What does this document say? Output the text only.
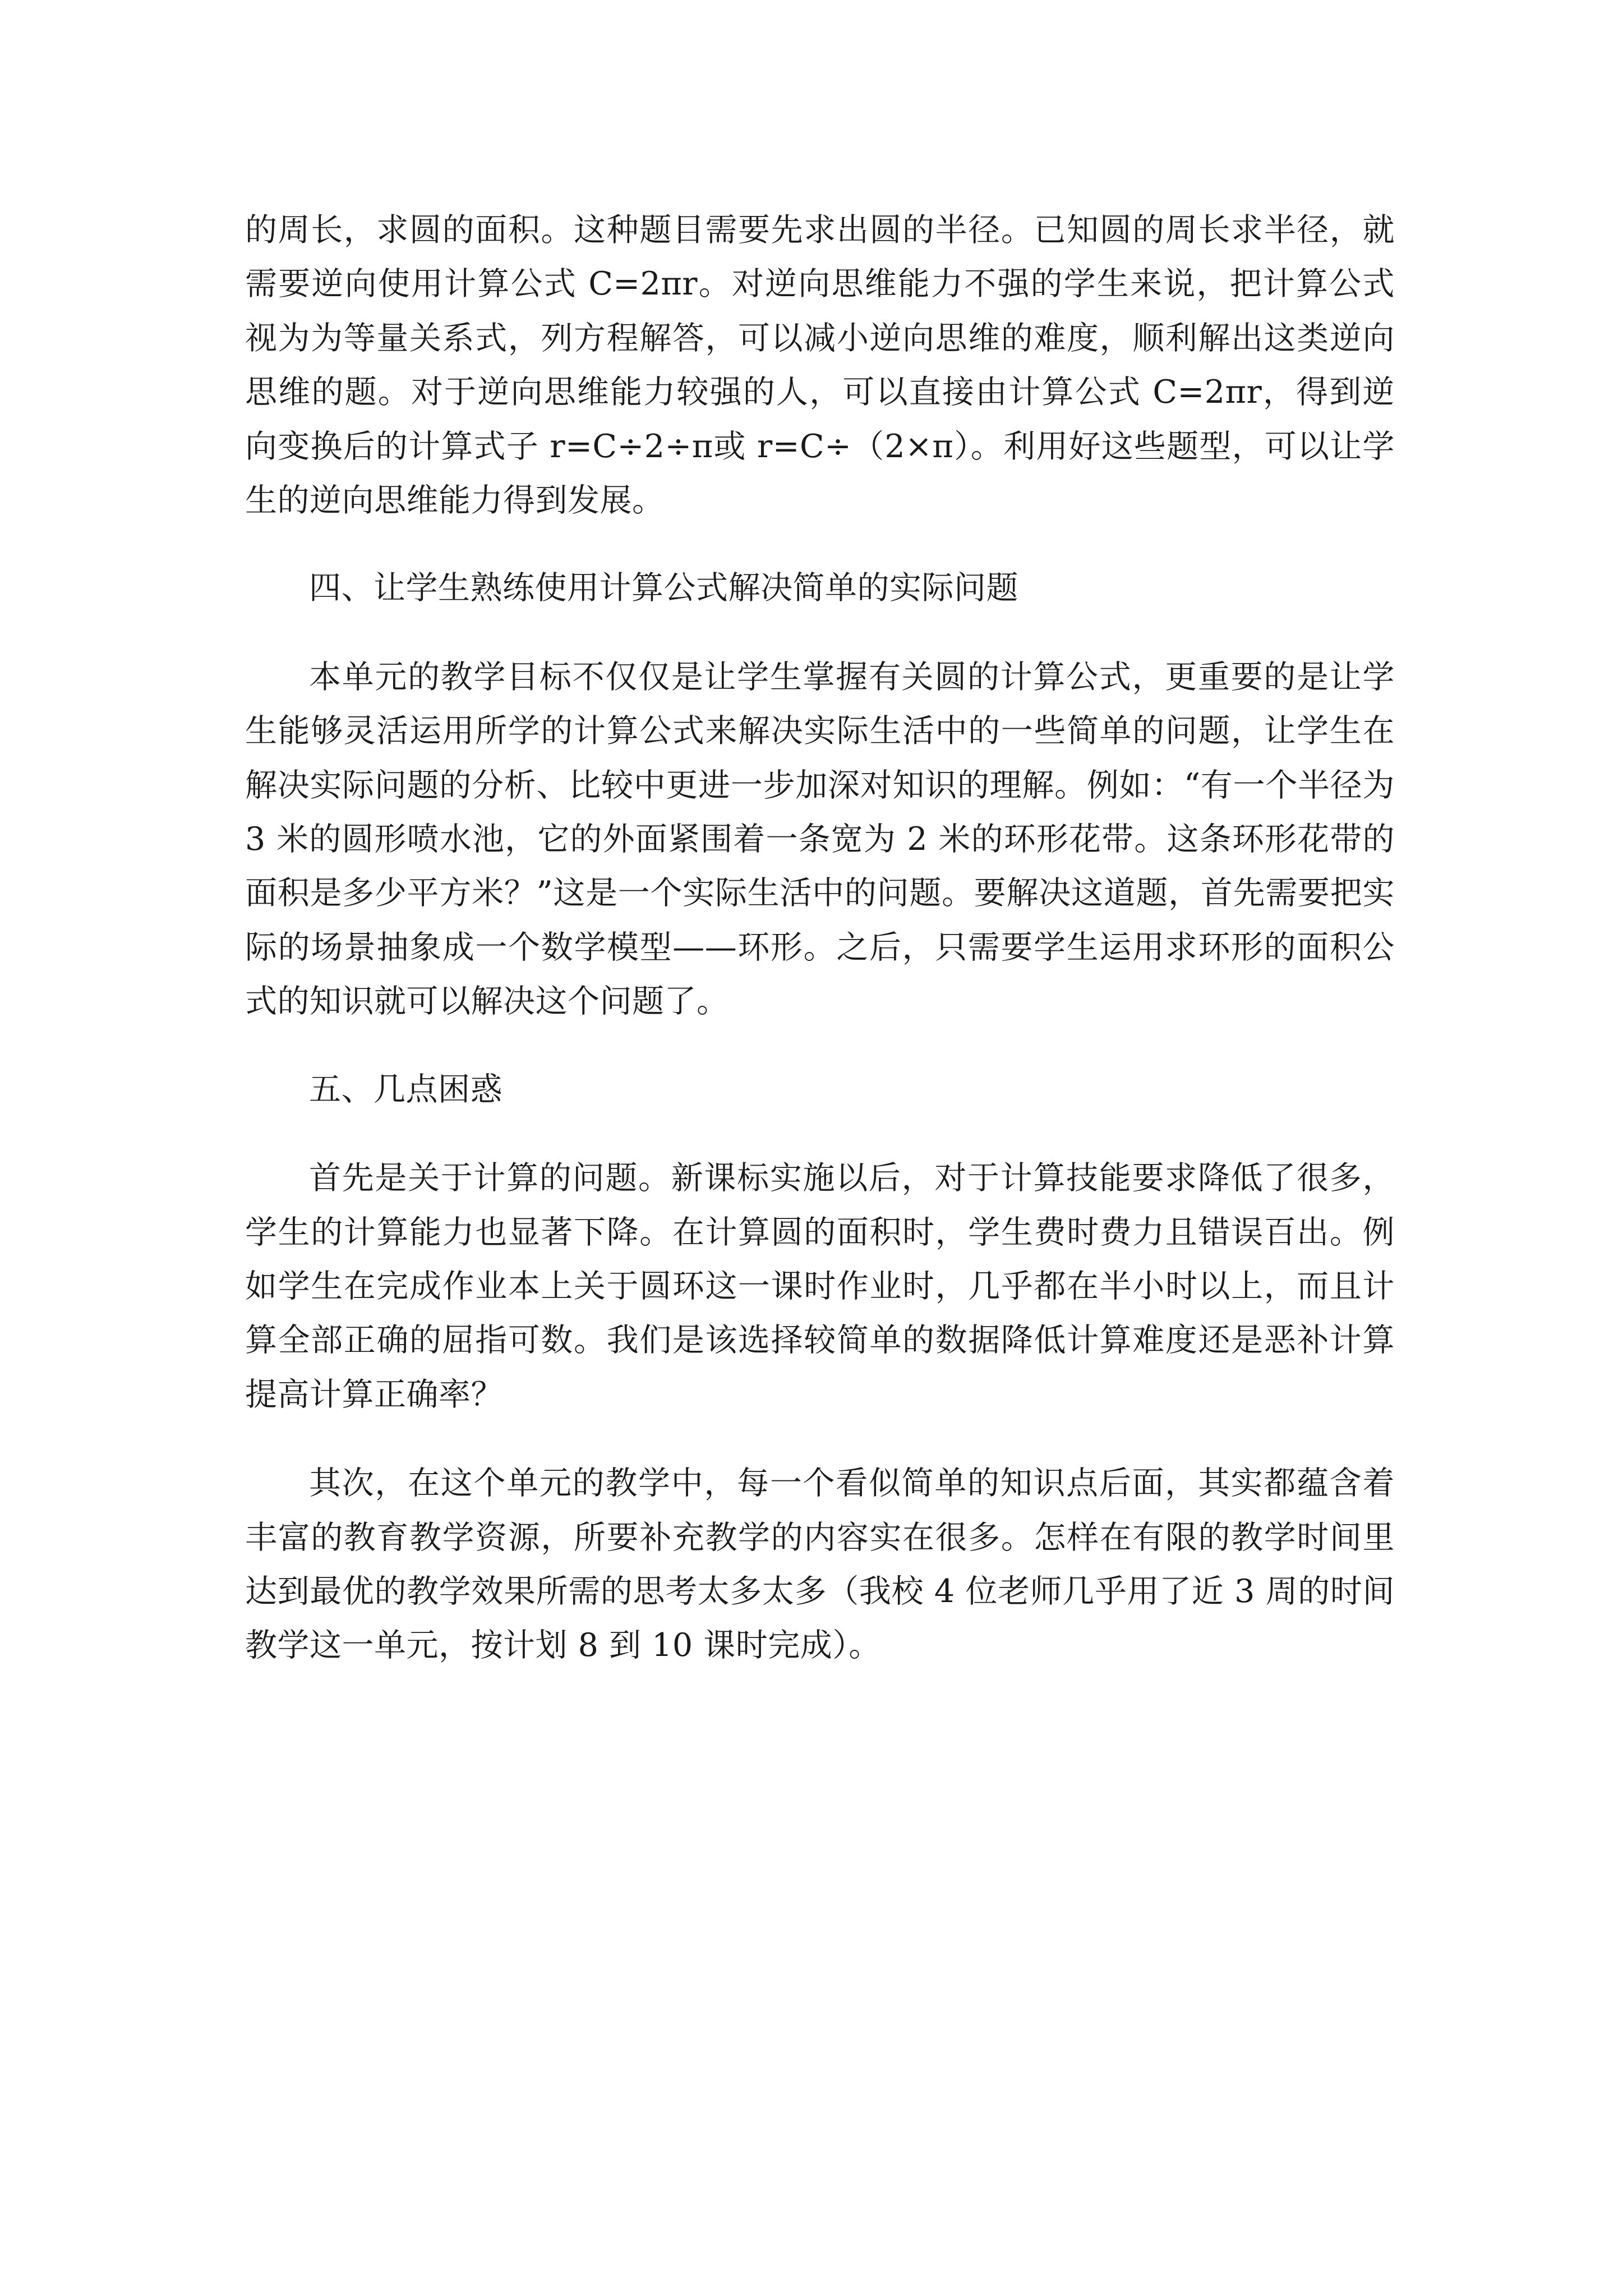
的周长，求圆的面积。这种题目需要先求出圆的半径。已知圆的周长求半径，就需要逆向使用计算公式 C=2πr。对逆向思维能力不强的学生来说，把计算公式视为为等量关系式，列方程解答，可以减小逆向思维的难度，顺利解出这类逆向思维的题。对于逆向思维能力较强的人，可以直接由计算公式 C=2πr，得到逆向变换后的计算式子 r=C÷2÷π或 r=C÷（2×π）。利用好这些题型，可以让学生的逆向思维能力得到发展。

四、让学生熟练使用计算公式解决简单的实际问题

本单元的教学目标不仅仅是让学生掌握有关圆的计算公式，更重要的是让学生能够灵活运用所学的计算公式来解决实际生活中的一些简单的问题，让学生在解决实际问题的分析、比较中更进一步加深对知识的理解。例如：“有一个半径为 3 米的圆形喷水池，它的外面紧围着一条宽为 2 米的环形花带。这条环形花带的面积是多少平方米？”这是一个实际生活中的问题。要解决这道题，首先需要把实际的场景抽象成一个数学模型——环形。之后，只需要学生运用求环形的面积公式的知识就可以解决这个问题了。

五、几点困惑

首先是关于计算的问题。新课标实施以后，对于计算技能要求降低了很多，学生的计算能力也显著下降。在计算圆的面积时，学生费时费力且错误百出。例如学生在完成作业本上关于圆环这一课时作业时，几乎都在半小时以上，而且计算全部正确的屈指可数。我们是该选择较简单的数据降低计算难度还是恶补计算提高计算正确率？

其次，在这个单元的教学中，每一个看似简单的知识点后面，其实都蕴含着丰富的教育教学资源，所要补充教学的内容实在很多。怎样在有限的教学时间里达到最优的教学效果所需的思考太多太多（我校 4 位老师几乎用了近 3 周的时间教学这一单元，按计划 8 到 10 课时完成）。
